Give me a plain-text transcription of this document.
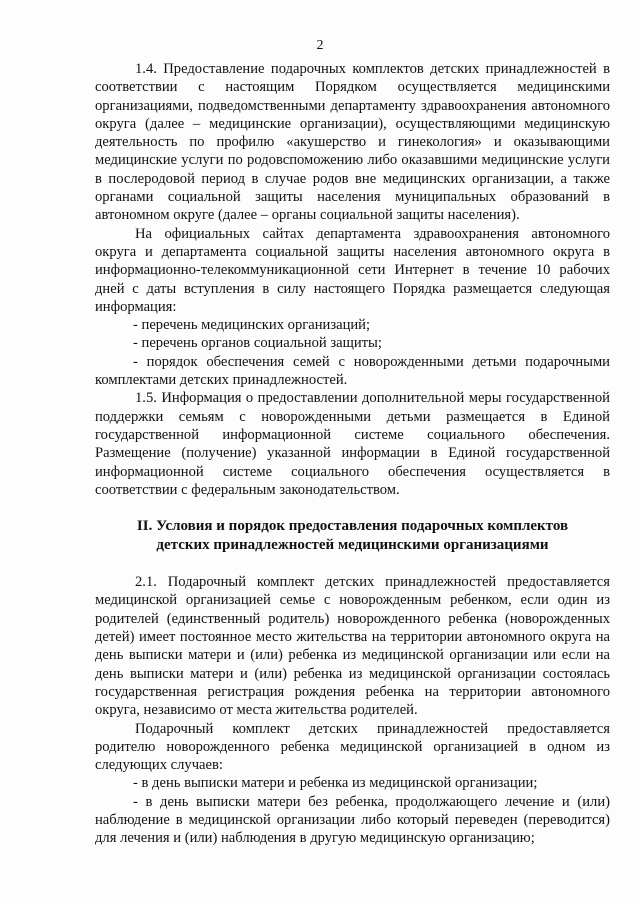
2

1.4. Предоставление подарочных комплектов детских принадлежностей в соответствии с настоящим Порядком осуществляется медицинскими организациями, подведомственными департаменту здравоохранения автономного округа (далее – медицинские организации), осуществляющими медицинскую деятельность по профилю «акушерство и гинекология» и оказывающими медицинские услуги по родовспоможению либо оказавшими медицинские услуги в послеродовой период в случае родов вне медицинских организации, а также органами социальной защиты населения муниципальных образований в автономном округе (далее – органы социальной защиты населения).

На официальных сайтах департамента здравоохранения автономного округа и департамента социальной защиты населения автономного округа в информационно-телекоммуникационной сети Интернет в течение 10 рабочих дней с даты вступления в силу настоящего Порядка размещается следующая информация:

- перечень медицинских организаций;

- перечень органов социальной защиты;

- порядок обеспечения семей с новорожденными детьми подарочными комплектами детских принадлежностей.

1.5. Информация о предоставлении дополнительной меры государственной поддержки семьям с новорожденными детьми размещается в Единой государственной информационной системе социального обеспечения. Размещение (получение) указанной информации в Единой государственной информационной системе социального обеспечения осуществляется в соответствии с федеральным законодательством.

II. Условия и порядок предоставления подарочных комплектов
детских принадлежностей медицинскими организациями

2.1. Подарочный комплект детских принадлежностей предоставляется медицинской организацией семье с новорожденным ребенком, если один из родителей (единственный родитель) новорожденного ребенка (новорожденных детей) имеет постоянное место жительства на территории автономного округа на день выписки матери и (или) ребенка из медицинской организации или если на день выписки матери и (или) ребенка из медицинской организации состоялась государственная регистрация рождения ребенка на территории автономного округа, независимо от места жительства родителей.

Подарочный комплект детских принадлежностей предоставляется родителю новорожденного ребенка медицинской организацией в одном из следующих случаев:

- в день выписки матери и ребенка из медицинской организации;

- в день выписки матери без ребенка, продолжающего лечение и (или) наблюдение в медицинской организации либо который переведен (переводится) для лечения и (или) наблюдения в другую медицинскую организацию;
